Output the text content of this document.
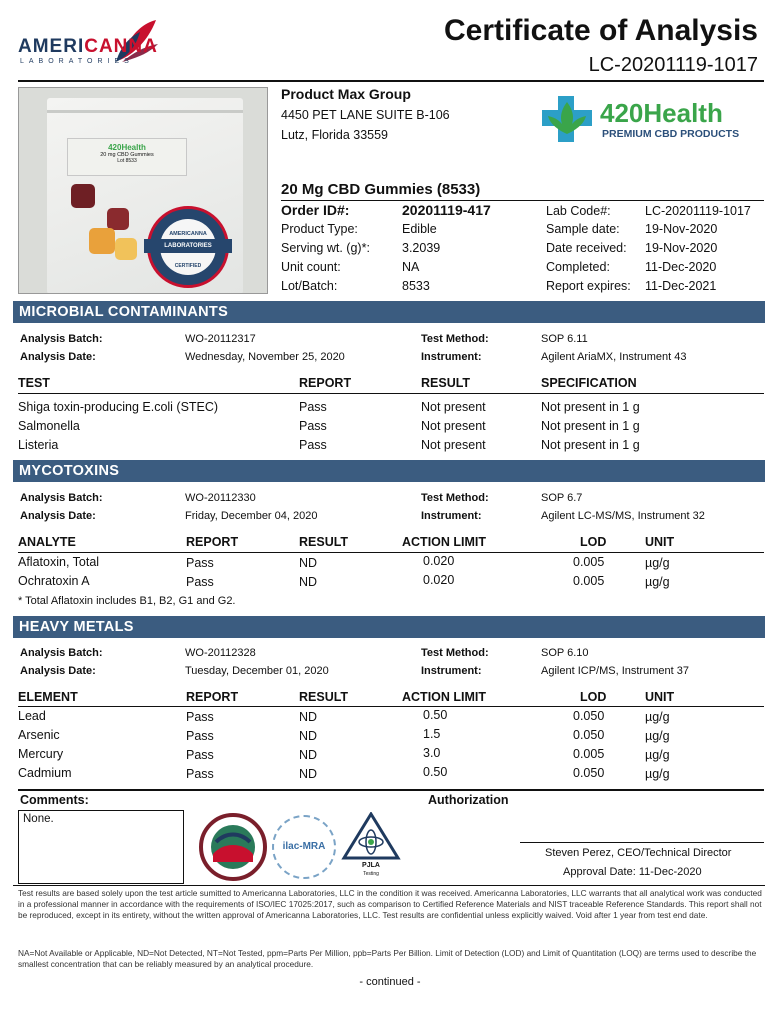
AMERICANNA
LABORATORIES
Certificate of Analysis
LC-20201119-1017
420Health
20 mg CBD Gummies
Lot 8533
AMERICANNA
LABORATORIES
CERTIFIED
Product Max Group
4450 PET LANE SUITE B-106
Lutz, Florida 33559
420Health
PREMIUM CBD PRODUCTS
20 Mg CBD Gummies (8533)
Order ID#:	20201119-417
Product Type:	Edible
Serving wt. (g)*:	3.2039
Unit count:	NA
Lot/Batch:	8533
Lab Code#:	LC-20201119-1017
Sample date: 19-Nov-2020
Date received: 19-Nov-2020
Completed:	11-Dec-2020
Report expires: 11-Dec-2021
MICROBIAL CONTAMINANTS
Analysis Batch:	WO-20112317
Analysis Date:	Wednesday, November 25, 2020
Test Method:	SOP 6.11
Instrument:	Agilent AriaMX, Instrument 43
TEST	REPORT	RESULT	SPECIFICATION
Shiga toxin-producing E.coli (STEC)	Pass	Not present	Not present in 1 g
Salmonella	Pass	Not present	Not present in 1 g
Listeria	Pass	Not present	Not present in 1 g
MYCOTOXINS
Analysis Batch:	WO-20112330
Analysis Date:	Friday, December 04, 2020
Test Method:	SOP 6.7
Instrument:	Agilent LC-MS/MS, Instrument 32
ANALYTE	REPORT	RESULT	ACTION LIMIT	LOD	UNIT
Aflatoxin, Total	Pass	ND	0.020	0.005	µg/g
Ochratoxin A	Pass	ND	0.020	0.005	µg/g
* Total Aflatoxin includes B1, B2, G1 and G2.
HEAVY METALS
Analysis Batch:	WO-20112328
Analysis Date:	Tuesday, December 01, 2020
Test Method:	SOP 6.10
Instrument:	Agilent ICP/MS, Instrument 37
ELEMENT	REPORT	RESULT	ACTION LIMIT	LOD	UNIT
Lead	Pass	ND	0.50	0.050	µg/g
Arsenic	Pass	ND	1.5	0.050	µg/g
Mercury	Pass	ND	3.0	0.005	µg/g
Cadmium	Pass	ND	0.50	0.050	µg/g
Comments:
None.
Authorization
ilac-MRA
PJLA
Testing
Steven Perez, CEO/Technical Director
Approval Date: 11-Dec-2020
Test results are based solely upon the test article sumitted to Americanna Laboratories, LLC in the condition it was received. Americanna Laboratories, LLC warrants that all analytical work was conducted in a professional manner in accordance with the requirements of ISO/IEC 17025:2017, such as comparison to Certified Reference Materials and NIST traceable Reference Standards. This report shall not be reproduced, except in its entirety, without the written approval of Americanna Laboratories, LLC. Test results are confidential unless explicitly waived. Void after 1 year from test end date.
NA=Not Available or Applicable, ND=Not Detected, NT=Not Tested, ppm=Parts Per Million, ppb=Parts Per Billion. Limit of Detection (LOD) and Limit of Quantitation (LOQ) are terms used to describe the smallest concentration that can be reliably measured by an analytical procedure.
- continued -
